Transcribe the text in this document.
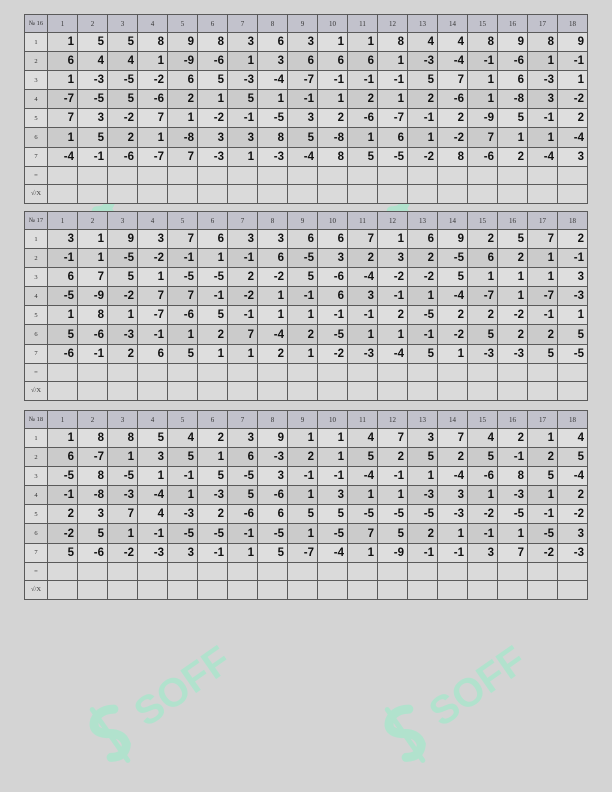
SOFF	SOFF
№ 16	1	2	3	4	5	6	7	8	9	10	11	12	13	14	15	16	17	18
1	1	5	5	8	9	8	3	6	3	1	1	8	4	4	8	9	8	9
2	6	4	4	1	-9	-6	1	3	6	6	6	1	-3	-4	-1	-6	1	-1
3	1	-3	-5	-2	6	5	-3	-4	-7	-1	-1	-1	5	7	1	6	-3	1
4	-7	-5	5	-6	2	1	5	1	-1	1	2	1	2	-6	1	-8	3	-2
5	7	3	-2	7	1	-2	-1	-5	3	2	-6	-7	-1	2	-9	5	-1	2
6	1	5	2	1	-8	3	3	8	5	-8	1	6	1	-2	7	1	1	-4
7	-4	-1	-6	-7	7	-3	1	-3	-4	8	5	-5	-2	8	-6	2	-4	3
=																		
√/X																		
№ 17	1	2	3	4	5	6	7	8	9	10	11	12	13	14	15	16	17	18
1	3	1	9	3	7	6	3	3	6	6	7	1	6	9	2	5	7	2
2	-1	1	-5	-2	-1	1	-1	6	-5	3	2	3	2	-5	6	2	1	-1
3	6	7	5	1	-5	-5	2	-2	5	-6	-4	-2	-2	5	1	1	1	3
4	-5	-9	-2	7	7	-1	-2	1	-1	6	3	-1	1	-4	-7	1	-7	-3
5	1	8	1	-7	-6	5	-1	1	1	-1	-1	2	-5	2	2	-2	-1	1
6	5	-6	-3	-1	1	2	7	-4	2	-5	1	1	-1	-2	5	2	2	5
7	-6	-1	2	6	5	1	1	2	1	-2	-3	-4	5	1	-3	-3	5	-5
=																		
√/X																		
№ 18	1	2	3	4	5	6	7	8	9	10	11	12	13	14	15	16	17	18
1	1	8	8	5	4	2	3	9	1	1	4	7	3	7	4	2	1	4
2	6	-7	1	3	5	1	6	-3	2	1	5	2	5	2	5	-1	2	5
3	-5	8	-5	1	-1	5	-5	3	-1	-1	-4	-1	1	-4	-6	8	5	-4
4	-1	-8	-3	-4	1	-3	5	-6	1	3	1	1	-3	3	1	-3	1	2
5	2	3	7	4	-3	2	-6	6	5	5	-5	-5	-5	-3	-2	-5	-1	-2
6	-2	5	1	-1	-5	-5	-1	-5	1	-5	7	5	2	1	-1	1	-5	3
7	5	-6	-2	-3	3	-1	1	5	-7	-4	1	-9	-1	-1	3	7	-2	-3
=																		
√/X																		
